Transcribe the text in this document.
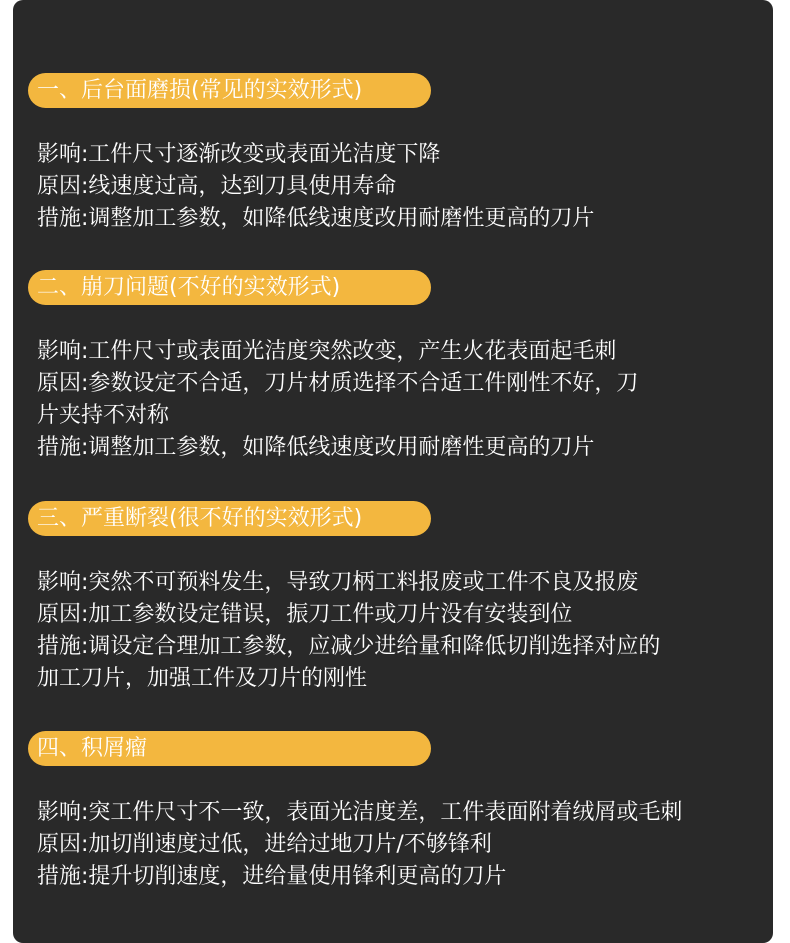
一、后台面磨损(常见的实效形式)
影响:工件尺寸逐渐改变或表面光洁度下降
原因:线速度过高，达到刀具使用寿命
措施:调整加工参数，如降低线速度改用耐磨性更高的刀片
二、崩刀问题(不好的实效形式)
影响:工件尺寸或表面光洁度突然改变，产生火花表面起毛刺
原因:参数设定不合适，刀片材质选择不合适工件刚性不好，刀
片夹持不对称
措施:调整加工参数，如降低线速度改用耐磨性更高的刀片
三、严重断裂(很不好的实效形式)
影响:突然不可预料发生，导致刀柄工料报废或工件不良及报废
原因:加工参数设定错误，振刀工件或刀片没有安装到位
措施:调设定合理加工参数，应减少进给量和降低切削选择对应的
加工刀片，加强工件及刀片的刚性
四、积屑瘤
影响:突工件尺寸不一致，表面光洁度差，工件表面附着绒屑或毛刺
原因:加切削速度过低，进给过地刀片/不够锋利
措施:提升切削速度，进给量使用锋利更高的刀片
